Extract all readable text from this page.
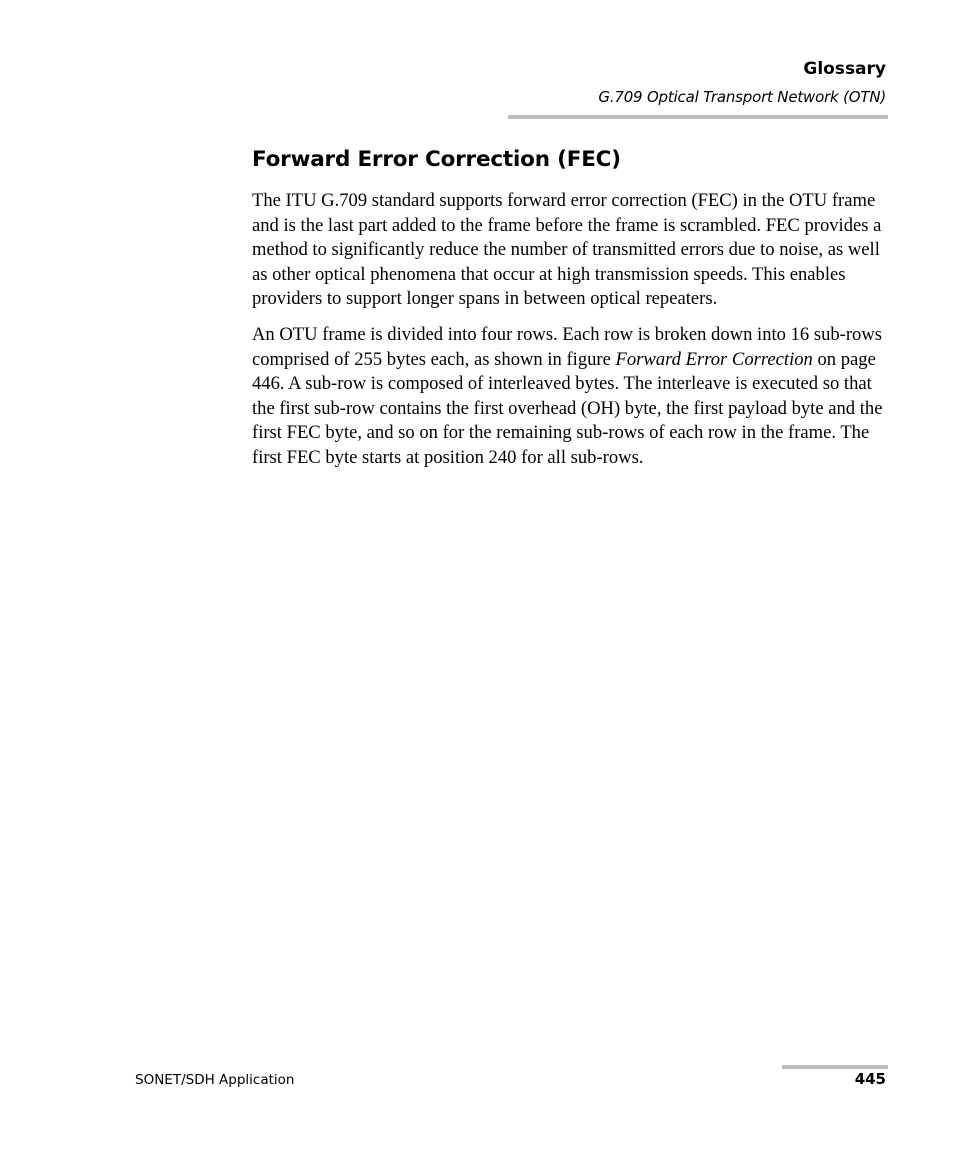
Glossary
G.709 Optical Transport Network (OTN)
Forward Error Correction (FEC)

The ITU G.709 standard supports forward error correction (FEC) in the OTU frame and is the last part added to the frame before the frame is scrambled. FEC provides a method to significantly reduce the number of transmitted errors due to noise, as well as other optical phenomena that occur at high transmission speeds. This enables providers to support longer spans in between optical repeaters.

An OTU frame is divided into four rows. Each row is broken down into 16 sub-rows comprised of 255 bytes each, as shown in figure Forward Error Correction on page 446. A sub-row is composed of interleaved bytes. The interleave is executed so that the first sub-row contains the first overhead (OH) byte, the first payload byte and the first FEC byte, and so on for the remaining sub-rows of each row in the frame. The first FEC byte starts at position 240 for all sub-rows.

SONET/SDH Application	445
